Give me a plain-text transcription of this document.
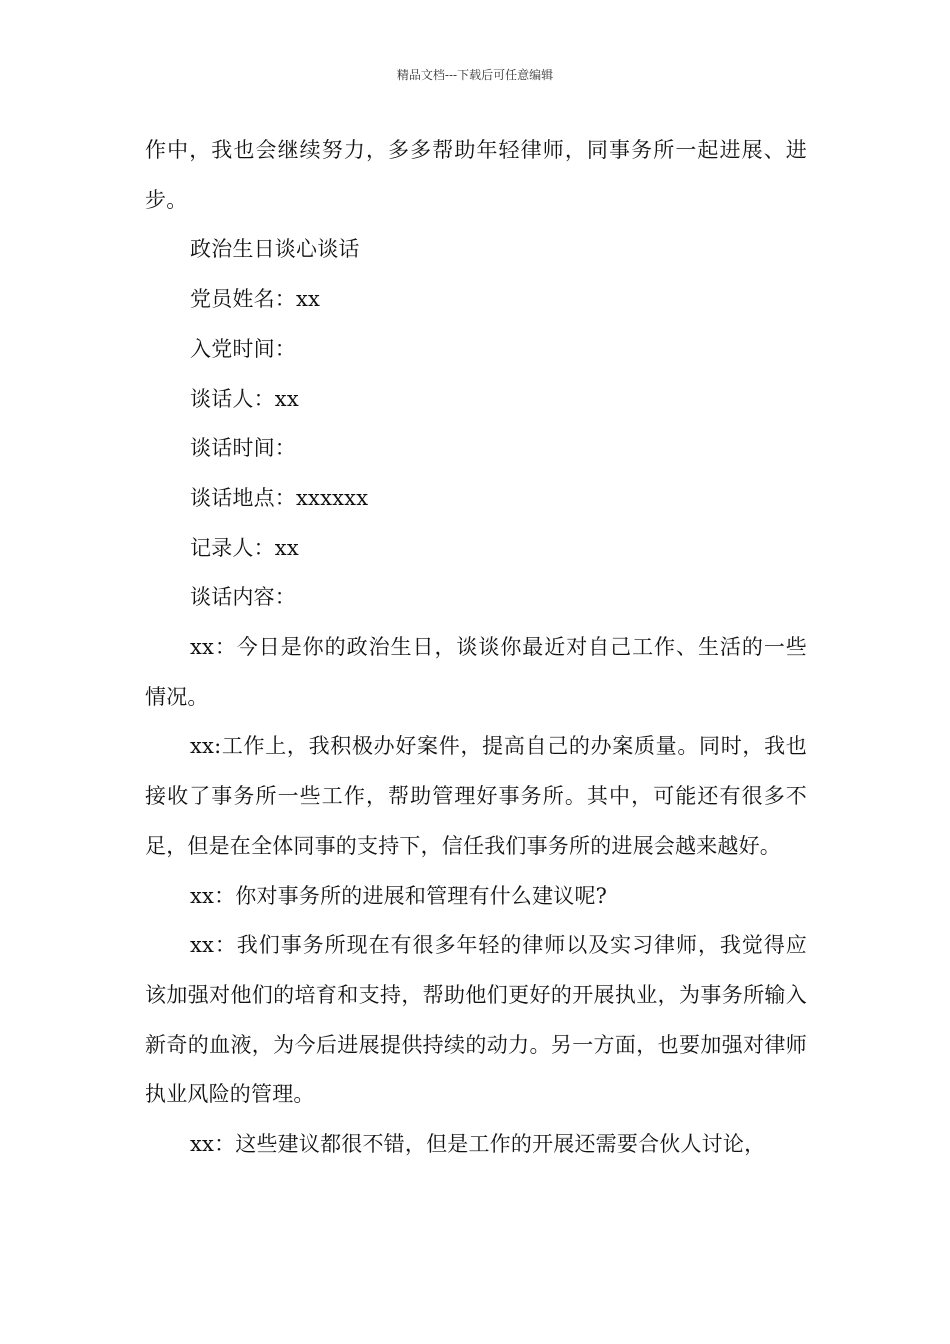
精品文档---下载后可任意编辑

作中，我也会继续努力，多多帮助年轻律师，同事务所一起进展、进步。

政治生日谈心谈话

党员姓名：xx

入党时间：

谈话人：xx

谈话时间：

谈话地点：xxxxxx

记录人：xx

谈话内容：

xx：今日是你的政治生日，谈谈你最近对自己工作、生活的一些情况。

xx:工作上，我积极办好案件，提高自己的办案质量。同时，我也接收了事务所一些工作，帮助管理好事务所。其中，可能还有很多不足，但是在全体同事的支持下，信任我们事务所的进展会越来越好。

xx：你对事务所的进展和管理有什么建议呢?

xx：我们事务所现在有很多年轻的律师以及实习律师，我觉得应该加强对他们的培育和支持，帮助他们更好的开展执业，为事务所输入新奇的血液，为今后进展提供持续的动力。另一方面，也要加强对律师执业风险的管理。

xx：这些建议都很不错，但是工作的开展还需要合伙人讨论，
